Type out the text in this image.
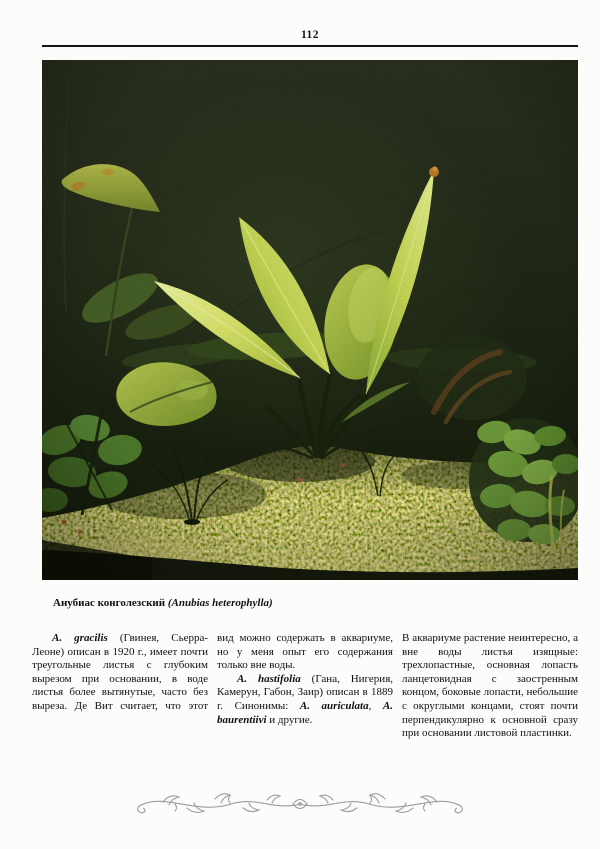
112
Анубиас конголезский (Anubias heterophylla)

A. gracilis (Гвинея, Сьерра-Леоне) описан в 1920 г., имеет почти треугольные листья с глубоким вырезом при основании, в воде листья более вытянутые, часто без выреза. Де Вит считает, что этот

вид можно содержать в аквариуме, но у меня опыт его содержания только вне воды.

A. hastifolia (Гана, Нигерия, Камерун, Габон, Заир) описан в 1889 г. Синонимы: A. auriculata, A. baurentiivi и другие.

В аквариуме растение неинтересно, а вне воды листья изящные: трехлопастные, основная лопасть ланцетовидная с заостренным концом, боковые лопасти, небольшие с округлыми концами, стоят почти перпендикулярно к основной сразу при основании листовой пластинки.
